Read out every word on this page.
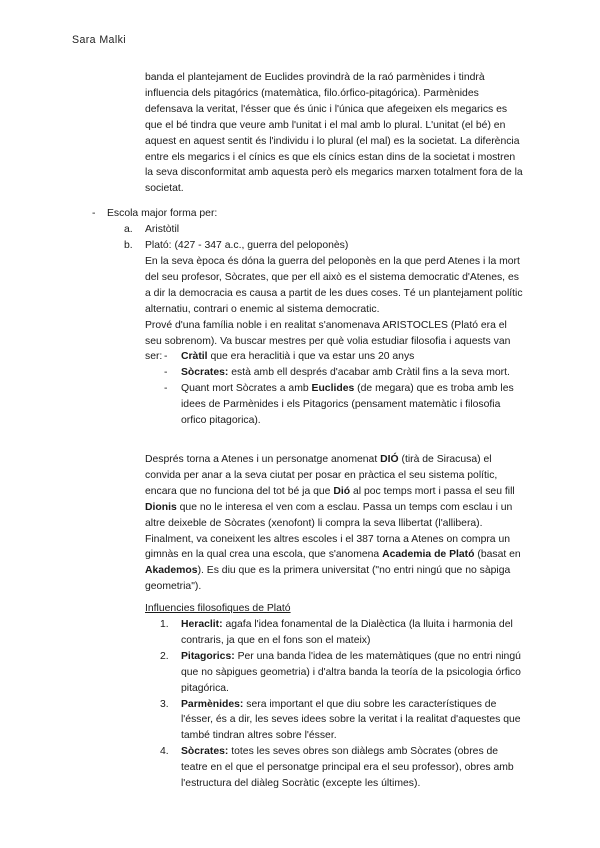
Sara Malki

banda el plantejament de Euclides provindrà de la raó parmènides i tindrà influencia dels pitagórics (matemàtica, filo.órfico-pitagórica). Parmènides defensava la veritat, l'ésser que és únic i l'única que afegeixen els megarics es que el bé tindra que veure amb l'unitat i el mal amb lo plural. L'unitat (el bé) en aquest en aquest sentit és l'individu i lo plural (el mal) es la societat. La diferència entre els megarics i el cínics es que els cínics estan dins de la societat i mostren la seva disconformitat amb aquesta però els megarics marxen totalment fora de la societat.

- Escola major forma per:
a. Aristòtil
b. Plató: (427 - 347 a.c., guerra del peloponès)

En la seva època és dóna la guerra del peloponès en la que perd Atenes i la mort del seu profesor, Sòcrates, que per ell això es el sistema democratic d'Atenes, es a dir la democracia es causa a partit de les dues coses. Té un plantejament polític alternatiu, contrari o enemic al sistema democratic.

Prové d'una família noble i en realitat s'anomenava ARISTOCLES (Plató era el seu sobrenom). Va buscar mestres per què volia estudiar filosofia i aquests van ser: - Cràtil que era heraclitià i que va estar uns 20 anys
- Sòcrates: està amb ell després d'acabar amb Cràtil fins a la seva mort.
- Quant mort Sòcrates a amb Euclides (de megara) que es troba amb les idees de Parmènides i els Pitagorics (pensament matemàtic i filosofia orfico pitagorica).

Després torna a Atenes i un personatge anomenat DIÓ (tirà de Siracusa) el convida per anar a la seva ciutat per posar en pràctica el seu sistema polític, encara que no funciona del tot bé ja que Dió al poc temps mort i passa el seu fill Dionis que no le interesa el ven com a esclau. Passa un temps com esclau i un altre deixeble de Sòcrates (xenofont) li compra la seva llibertat (l'allibera). Finalment, va coneixent les altres escoles i el 387 torna a Atenes on compra un gimnàs en la qual crea una escola, que s'anomena Academia de Plató (basat en Akademos). Es diu que es la primera universitat ("no entri ningú que no sàpiga geometria").

Influencies filosofiques de Plató
1. Heraclit: agafa l'idea fonamental de la Dialèctica (la lluita i harmonia del contraris, ja que en el fons son el mateix)
2. Pitagorics: Per una banda l'idea de les matemàtiques (que no entri ningú que no sàpigues geometria) i d'altra banda la teoría de la psicologia órfico pitagórica.
3. Parmènides: sera important el que diu sobre les característiques de l'ésser, és a dir, les seves idees sobre la veritat i la realitat d'aquestes que també tindran altres sobre l'ésser.
4. Sòcrates: totes les seves obres son diàlegs amb Sòcrates (obres de teatre en el que el personatge principal era el seu professor), obres amb l'estructura del diàleg Socràtic (excepte les últimes).
